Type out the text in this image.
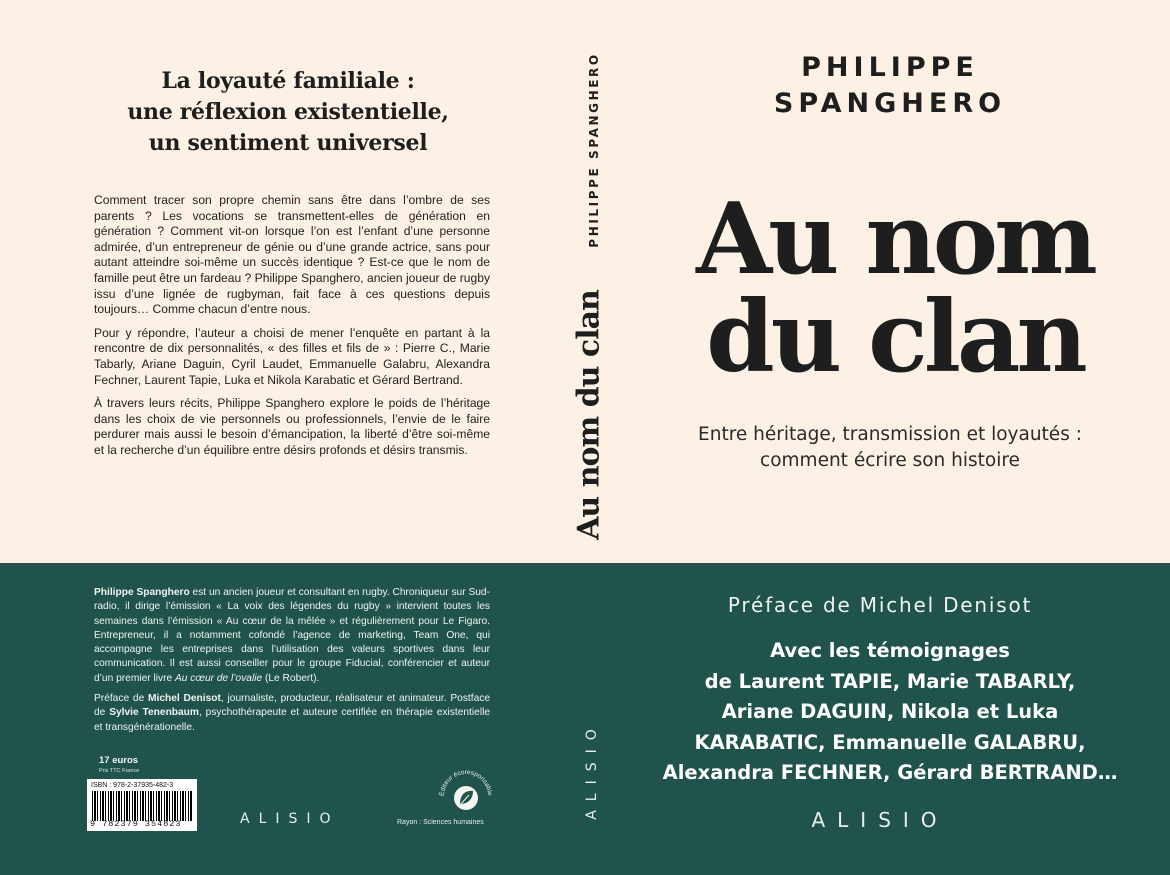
La loyauté familiale :
une réflexion existentielle,
un sentiment universel

Comment tracer son propre chemin sans être dans l’ombre de ses parents ? Les vocations se transmettent-elles de génération en génération ? Comment vit-on lorsque l’on est l’enfant d’une personne admirée, d’un entrepreneur de génie ou d’une grande actrice, sans pour autant atteindre soi-même un succès identique ? Est-ce que le nom de famille peut être un fardeau ? Philippe Spanghero, ancien joueur de rugby issu d’une lignée de rugbyman, fait face à ces questions depuis toujours… Comme chacun d’entre nous.

Pour y répondre, l’auteur a choisi de mener l’enquête en partant à la rencontre de dix personnalités, « des filles et fils de » : Pierre C., Marie Tabarly, Ariane Daguin, Cyril Laudet, Emmanuelle Galabru, Alexandra Fechner, Laurent Tapie, Luka et Nikola Karabatic et Gérard Bertrand.

À travers leurs récits, Philippe Spanghero explore le poids de l’héritage dans les choix de vie personnels ou professionnels, l’envie de le faire perdurer mais aussi le besoin d’émancipation, la liberté d’être soi-même et la recherche d’un équilibre entre désirs profonds et désirs transmis.

Philippe Spanghero est un ancien joueur et consultant en rugby. Chroniqueur sur Sud-radio, il dirige l’émission « La voix des légendes du rugby » intervient toutes les semaines dans l’émission « Au cœur de la mêlée » et régulièrement pour Le Figaro. Entrepreneur, il a notamment cofondé l’agence de marketing, Team One, qui accompagne les entreprises dans l’utilisation des valeurs sportives dans leur communication. Il est aussi conseiller pour le groupe Fiducial, conférencier et auteur d’un premier livre Au cœur de l’ovalie (Le Robert).

Préface de Michel Denisot, journaliste, producteur, réalisateur et animateur. Postface de Sylvie Tenenbaum, psychothérapeute et auteure certifiée en thérapie existentielle et transgénérationelle.

17 euros
Prix TTC France
ISBN : 978-2-37935-482-3
9 782379 354823	ALISIO
Éditeur écoresponsable
Rayon : Sciences humaines
PHILIPPE SPANGHERO
Au nom du clan
ALISIO
PHILIPPE
SPANGHERO
Au nom
du clan
Entre héritage, transmission et loyautés :
comment écrire son histoire
Préface de Michel Denisot
Avec les témoignages
de Laurent TAPIE, Marie TABARLY,
Ariane DAGUIN, Nikola et Luka
KARABATIC, Emmanuelle GALABRU,
Alexandra FECHNER, Gérard BERTRAND…
ALISIO
